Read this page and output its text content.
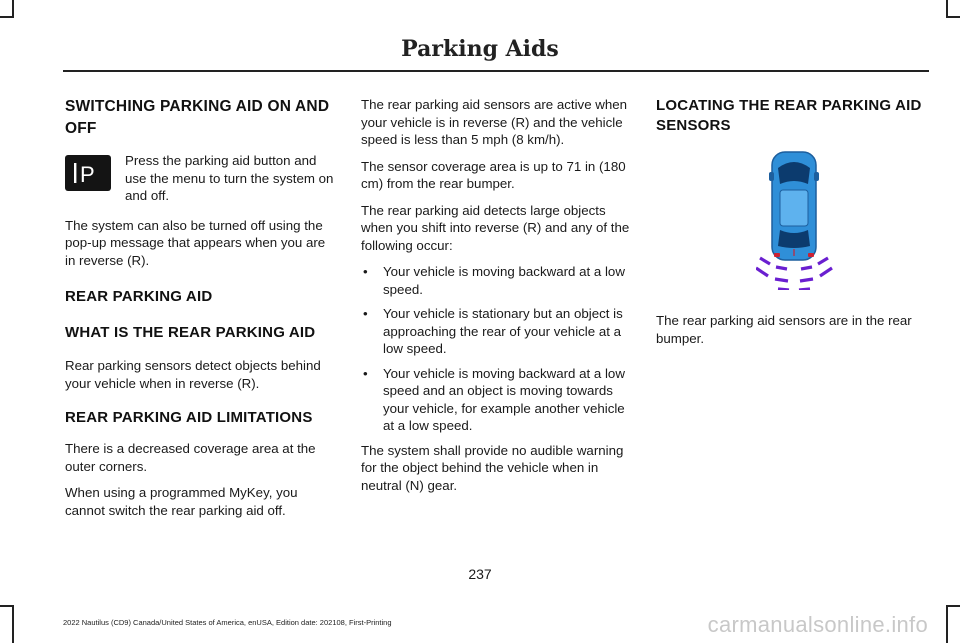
Parking Aids
SWITCHING PARKING AID ON AND OFF
P

Press the parking aid button and use the menu to turn the system on and off.

The system can also be turned off using the pop-up message that appears when you are in reverse (R).

REAR PARKING AID
WHAT IS THE REAR PARKING AID

Rear parking sensors detect objects behind your vehicle when in reverse (R).

REAR PARKING AID LIMITATIONS

There is a decreased coverage area at the outer corners.

When using a programmed MyKey, you cannot switch the rear parking aid off.

The rear parking aid sensors are active when your vehicle is in reverse (R) and the vehicle speed is less than 5 mph (8 km/h).

The sensor coverage area is up to 71 in (180 cm) from the rear bumper.

The rear parking aid detects large objects when you shift into reverse (R) and any of the following occur:

• Your vehicle is moving backward at a low speed.
• Your vehicle is stationary but an object is approaching the rear of your vehicle at a low speed.
• Your vehicle is moving backward at a low speed and an object is moving towards your vehicle, for example another vehicle at a low speed.

The system shall provide no audible warning for the object behind the vehicle when in neutral (N) gear.

LOCATING THE REAR PARKING AID SENSORS

The rear parking aid sensors are in the rear bumper.

237
2022 Nautilus (CD9) Canada/United States of America, enUSA, Edition date: 202108, First-Printing	carmanualsonline.info
